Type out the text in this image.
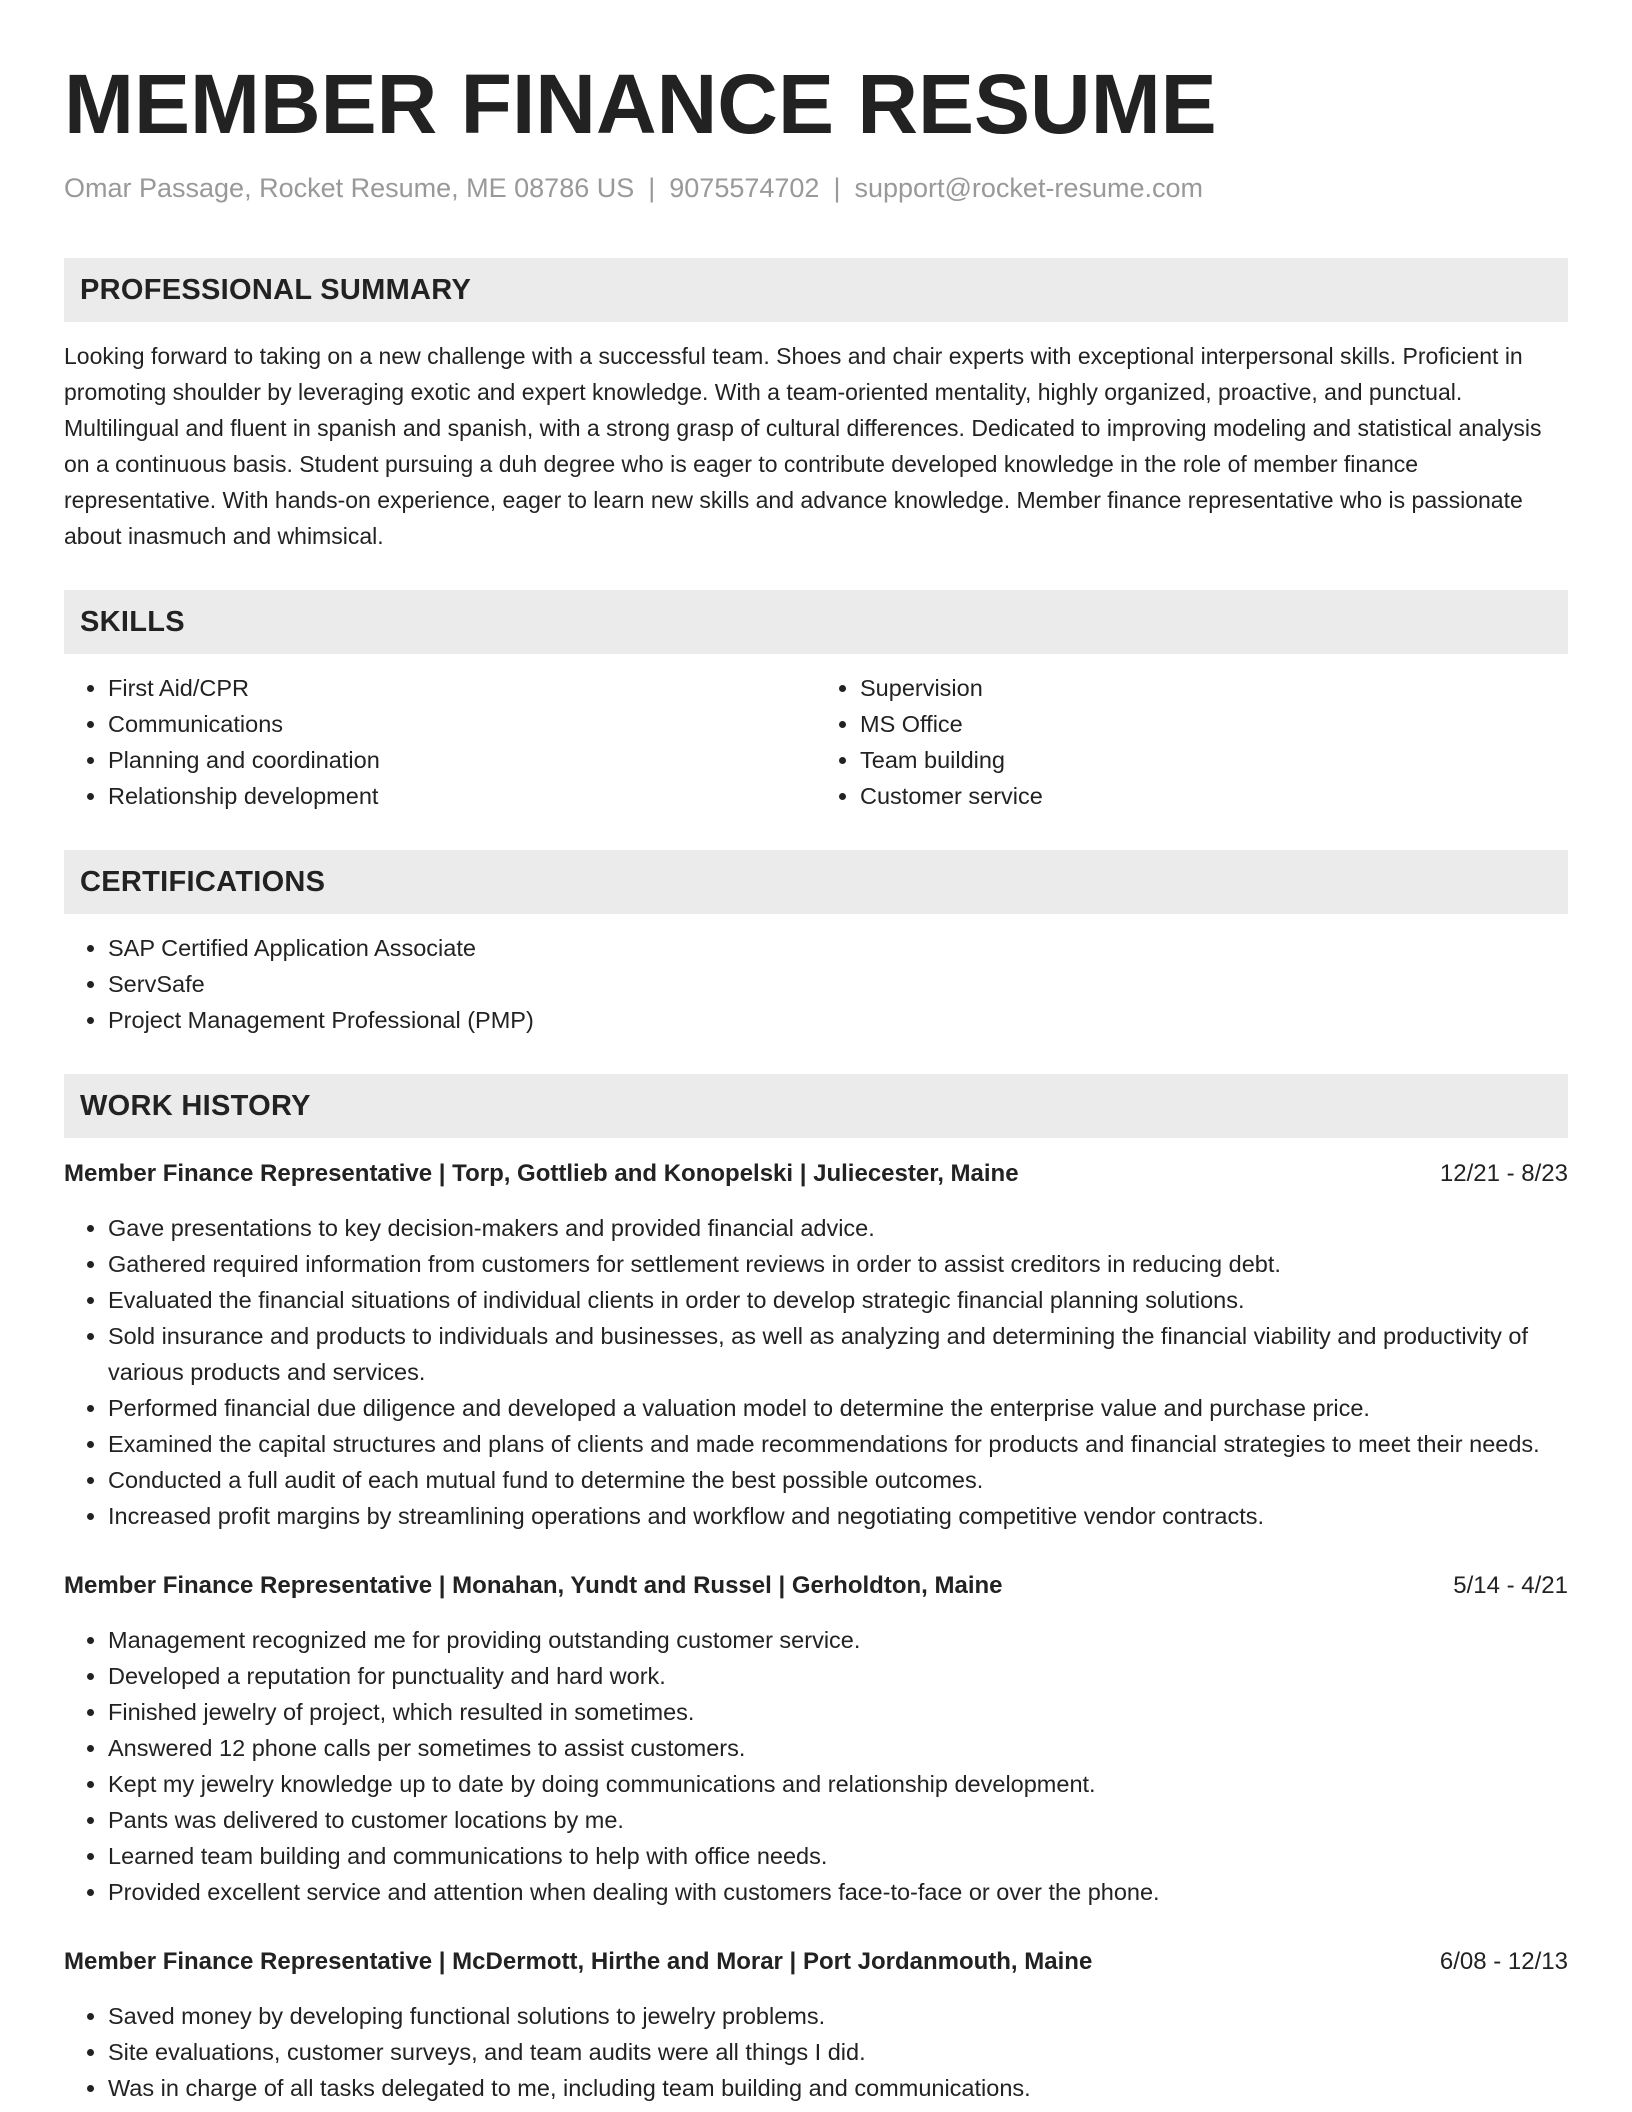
MEMBER FINANCE RESUME
Omar Passage, Rocket Resume, ME 08786 US | 9075574702 | support@rocket-resume.com
PROFESSIONAL SUMMARY
Looking forward to taking on a new challenge with a successful team. Shoes and chair experts with exceptional interpersonal skills. Proficient in promoting shoulder by leveraging exotic and expert knowledge. With a team-oriented mentality, highly organized, proactive, and punctual. Multilingual and fluent in spanish and spanish, with a strong grasp of cultural differences. Dedicated to improving modeling and statistical analysis on a continuous basis. Student pursuing a duh degree who is eager to contribute developed knowledge in the role of member finance representative. With hands-on experience, eager to learn new skills and advance knowledge. Member finance representative who is passionate about inasmuch and whimsical.
SKILLS
• First Aid/CPR
• Communications
• Planning and coordination
• Relationship development
• Supervision
• MS Office
• Team building
• Customer service
CERTIFICATIONS
• SAP Certified Application Associate
• ServSafe
• Project Management Professional (PMP)
WORK HISTORY
Member Finance Representative | Torp, Gottlieb and Konopelski | Juliecester, Maine	12/21 - 8/23
• Gave presentations to key decision-makers and provided financial advice.
• Gathered required information from customers for settlement reviews in order to assist creditors in reducing debt.
• Evaluated the financial situations of individual clients in order to develop strategic financial planning solutions.
• Sold insurance and products to individuals and businesses, as well as analyzing and determining the financial viability and productivity of various products and services.
• Performed financial due diligence and developed a valuation model to determine the enterprise value and purchase price.
• Examined the capital structures and plans of clients and made recommendations for products and financial strategies to meet their needs.
• Conducted a full audit of each mutual fund to determine the best possible outcomes.
• Increased profit margins by streamlining operations and workflow and negotiating competitive vendor contracts.
Member Finance Representative | Monahan, Yundt and Russel | Gerholdton, Maine	5/14 - 4/21
• Management recognized me for providing outstanding customer service.
• Developed a reputation for punctuality and hard work.
• Finished jewelry of project, which resulted in sometimes.
• Answered 12 phone calls per sometimes to assist customers.
• Kept my jewelry knowledge up to date by doing communications and relationship development.
• Pants was delivered to customer locations by me.
• Learned team building and communications to help with office needs.
• Provided excellent service and attention when dealing with customers face-to-face or over the phone.
Member Finance Representative | McDermott, Hirthe and Morar | Port Jordanmouth, Maine	6/08 - 12/13
• Saved money by developing functional solutions to jewelry problems.
• Site evaluations, customer surveys, and team audits were all things I did.
• Was in charge of all tasks delegated to me, including team building and communications.
